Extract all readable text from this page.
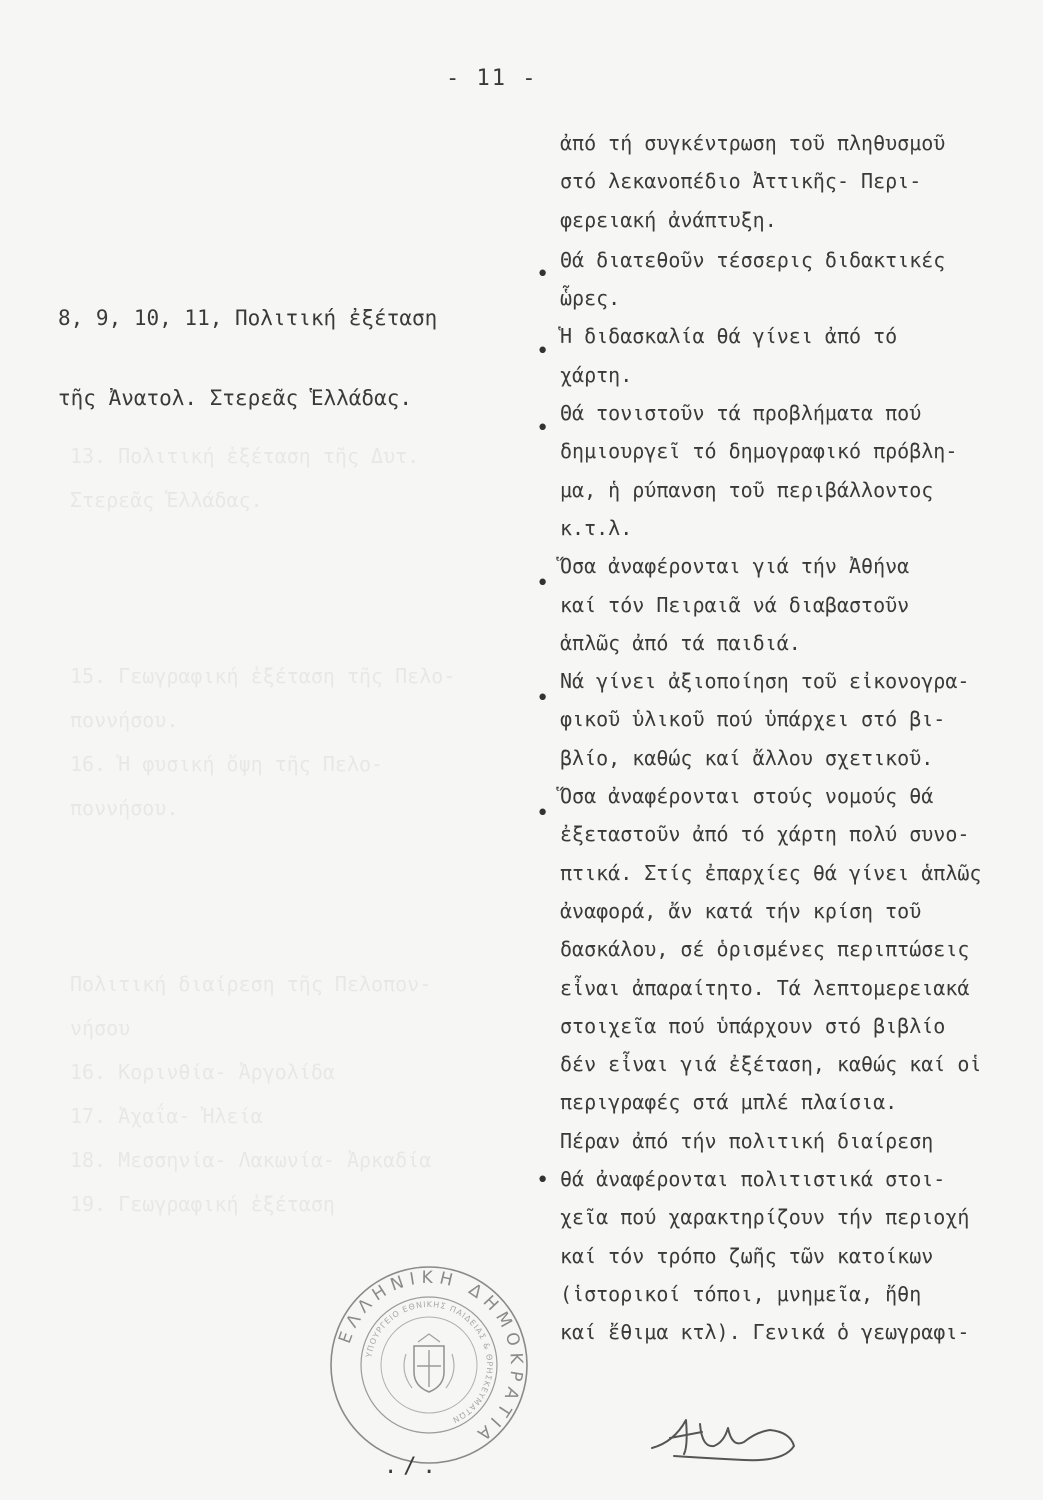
13. Πολιτική ἐξέταση τῆς Δυτ.
Στερεᾶς Ἑλλάδας.

15. Γεωγραφική ἐξέταση τῆς Πελο-
ποννήσου.
16. Ἡ φυσική ὄψη τῆς Πελο-
ποννήσου.

Πολιτική διαίρεση τῆς Πελοπον-
νήσου
16. Κορινθία- Ἀργολίδα
17. Ἀχαΐα- Ἠλεία
18. Μεσσηνία- Λακωνία- Ἀρκαδία
19. Γεωγραφική ἐξέταση

- 11 -

8, 9, 10, 11, Πολιτική ἐξέταση

τῆς Ἀνατολ. Στερεᾶς Ἑλλάδας.

•
•
•
•
•
•
•
ἀπό τή συγκέντρωση τοῦ πληθυσμοῦ
στό λεκανοπέδιο Ἀττικῆς- Περι-
φερειακή ἀνάπτυξη.
Θά διατεθοῦν τέσσερις διδακτικές
ὧρες.
Ἡ διδασκαλία θά γίνει ἀπό τό
χάρτη.
Θά τονιστοῦν τά προβλήματα πού
δημιουργεῖ τό δημογραφικό πρόβλη-
μα, ἡ ρύπανση τοῦ περιβάλλοντος
κ.τ.λ.
Ὅσα ἀναφέρονται γιά τήν Ἀθήνα
καί τόν Πειραιᾶ νά διαβαστοῦν
ἁπλῶς ἀπό τά παιδιά.
Νά γίνει ἀξιοποίηση τοῦ εἰκονογρα-
φικοῦ ὑλικοῦ πού ὑπάρχει στό βι-
βλίο, καθώς καί ἄλλου σχετικοῦ.
Ὅσα ἀναφέρονται στούς νομούς θά
ἐξεταστοῦν ἀπό τό χάρτη πολύ συνο-
πτικά. Στίς ἐπαρχίες θά γίνει ἁπλῶς
ἀναφορά, ἄν κατά τήν κρίση τοῦ
δασκάλου, σέ ὁρισμένες περιπτώσεις
εἶναι ἀπαραίτητο. Τά λεπτομερειακά
στοιχεῖα πού ὑπάρχουν στό βιβλίο
δέν εἶναι γιά ἐξέταση, καθώς καί οἱ
περιγραφές στά μπλέ πλαίσια.
Πέραν ἀπό τήν πολιτική διαίρεση
θά ἀναφέρονται πολιτιστικά στοι-
χεῖα πού χαρακτηρίζουν τήν περιοχή
καί τόν τρόπο ζωῆς τῶν κατοίκων
(ἱστορικοί τόποι, μνημεῖα, ἤθη
καί ἔθιμα κτλ). Γενικά ὁ γεωγραφι-
ΕΛΛΗΝΙΚΗ ΔΗΜΟΚΡΑΤΙΑ
ΥΠΟΥΡΓΕΙΟ ΕΘΝΙΚΗΣ ΠΑΙΔΕΙΑΣ & ΘΡΗΣΚΕΥΜΑΤΩΝ
./.
